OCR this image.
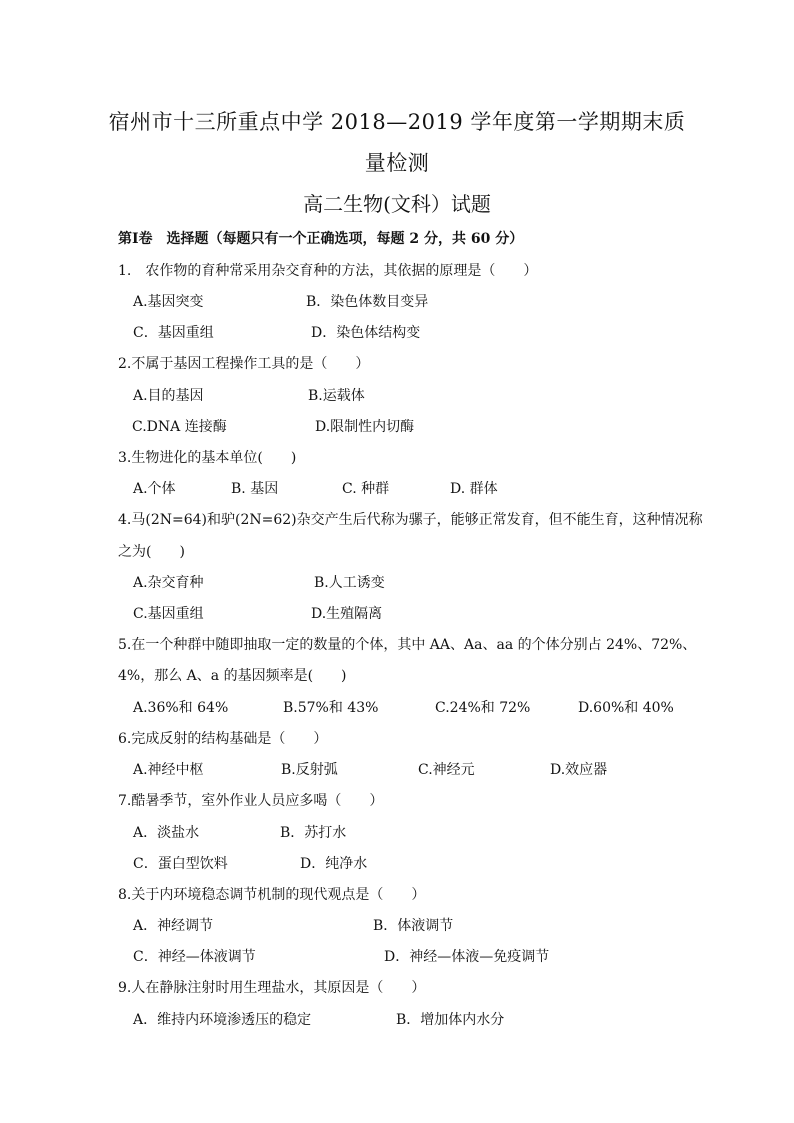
宿州市十三所重点中学 2018—2019 学年度第一学期期末质
量检测
高二生物(文科）试题
第Ⅰ卷　选择题（每题只有一个正确选项，每题 2 分，共 60 分）
1.　农作物的育种常采用杂交育种的方法，其依据的原理是（　　）
A.基因突变	B．染色体数目变异
C．基因重组	D．染色体结构变
2.不属于基因工程操作工具的是（　　）
A.目的基因	B.运载体
C.DNA 连接酶	D.限制性内切酶
3.生物进化的基本单位(　　)
A.个体	B. 基因	C. 种群	D. 群体
4.马(2N=64)和驴(2N=62)杂交产生后代称为骡子，能够正常发育，但不能生育，这种情况称
之为(　　)
A.杂交育种	B.人工诱变
C.基因重组	D.生殖隔离
5.在一个种群中随即抽取一定的数量的个体，其中 AA、Aa、aa 的个体分别占 24%、72%、
4%，那么 A、a 的基因频率是(　　)
A.36%和 64%	B.57%和 43%	C.24%和 72%	D.60%和 40%
6.完成反射的结构基础是（　　）
A.神经中枢	B.反射弧	C.神经元	D.效应器
7.酷暑季节，室外作业人员应多喝（　　）
A．淡盐水	B．苏打水
C．蛋白型饮料	D．纯净水
8.关于内环境稳态调节机制的现代观点是（　　）
A．神经调节	B．体液调节
C．神经—体液调节	D．神经—体液—免疫调节
9.人在静脉注射时用生理盐水，其原因是（　　）
A．维持内环境渗透压的稳定	B．增加体内水分
